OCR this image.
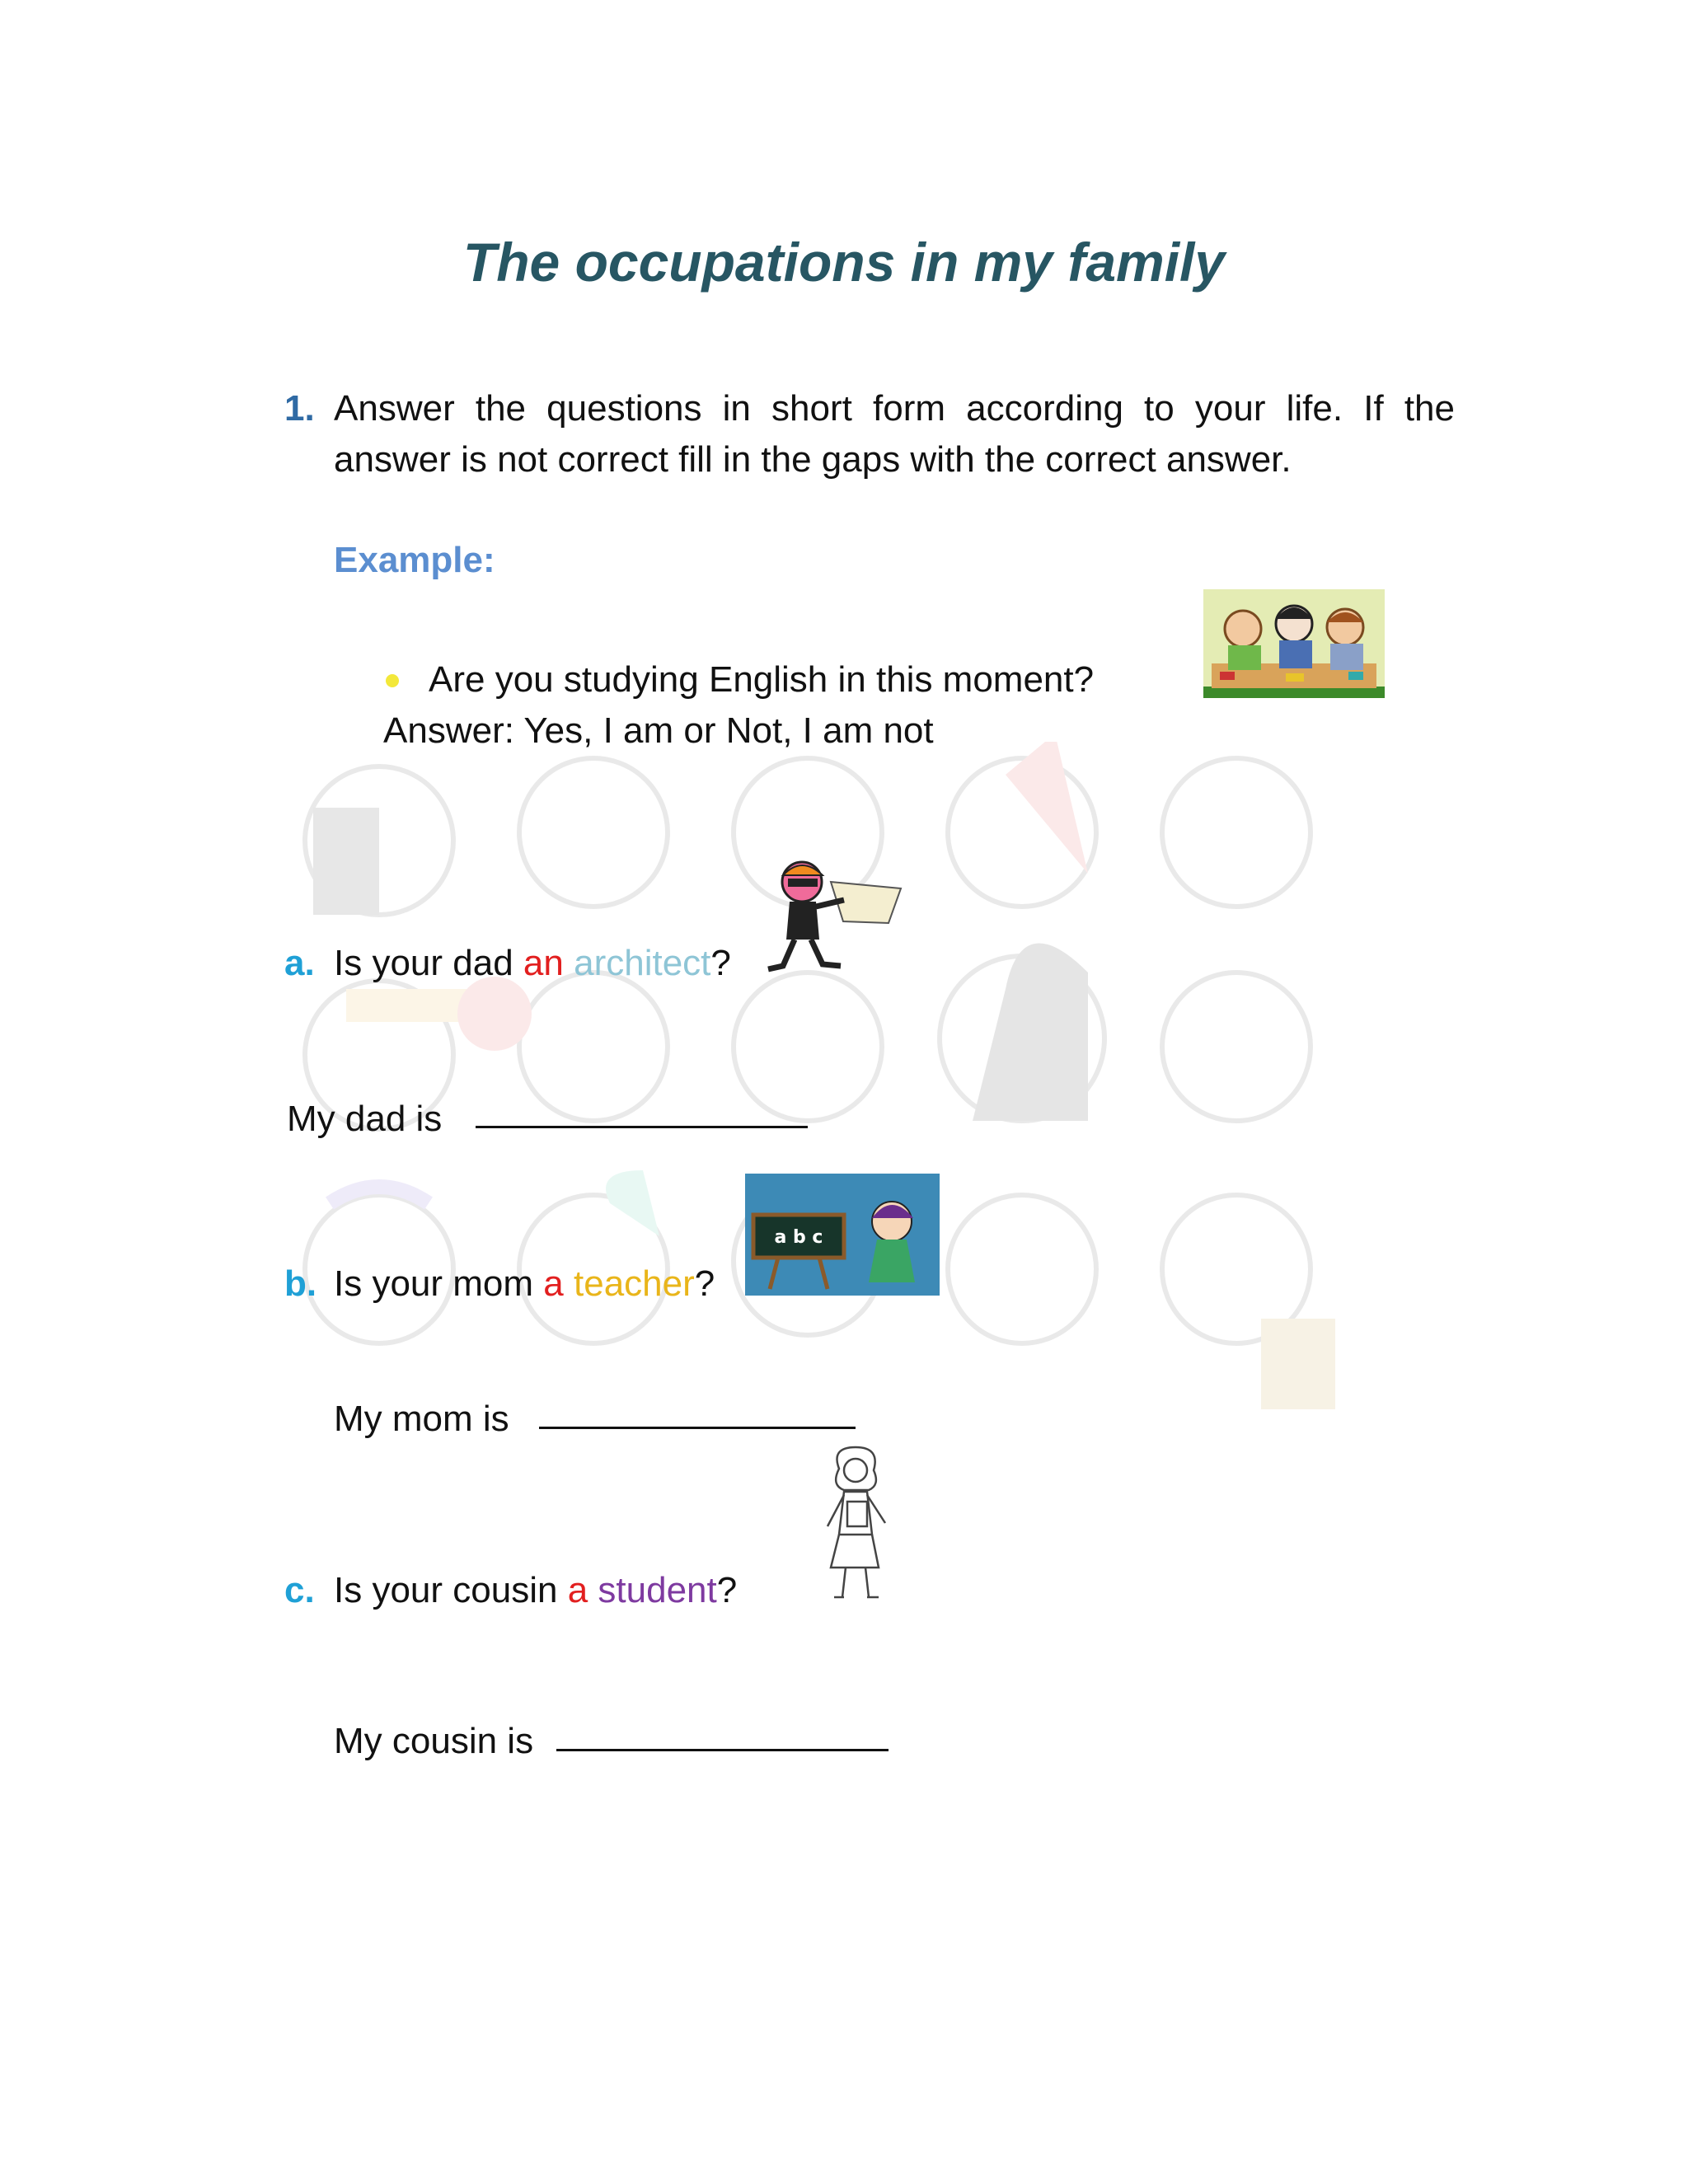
The occupations in my family
1. Answer the questions in short form according to your life. If the
answer is not correct fill in the gaps with the correct answer.
Example:
Are you studying English in this moment?
Answer: Yes, I am or Not, I am not
a. Is your dad an architect?
My dad is
b. Is your mom a teacher?
a b c
My mom is
c. Is your cousin a student?
My cousin is
